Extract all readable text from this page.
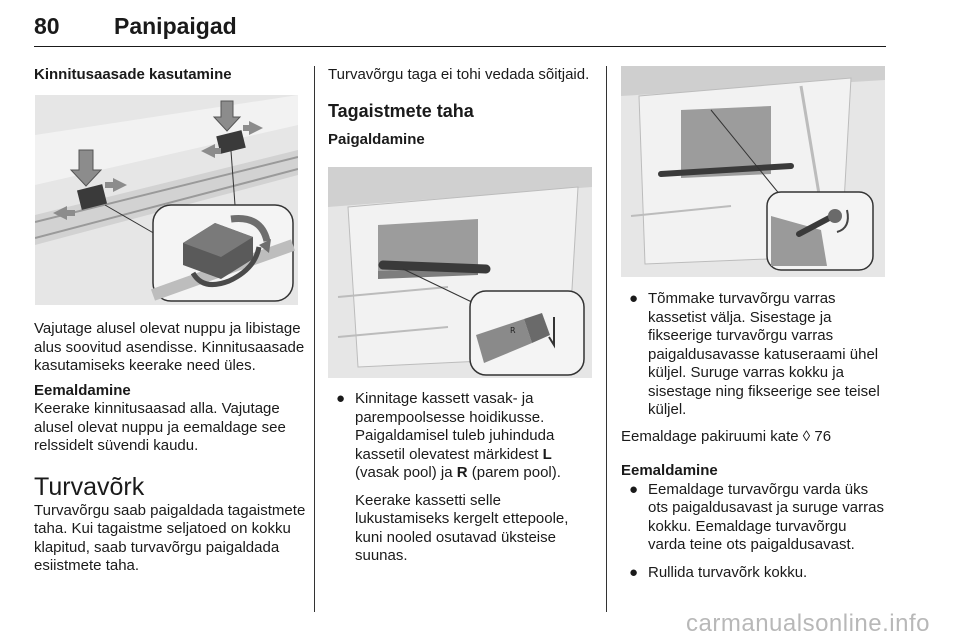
80 Panipaigad
Kinnitusaasade kasutamine

Vajutage alusel olevat nuppu ja libistage alus soovitud asendisse. Kinnitusaasade kasutamiseks keerake need üles.

Eemaldamine

Keerake kinnitusaasad alla. Vajutage alusel olevat nuppu ja eemaldage see relssidelt süvendi kaudu.

Turvavõrk

Turvavõrgu saab paigaldada tagaistmete taha. Kui tagaistme seljatoed on kokku klapitud, saab turvavõrgu paigaldada esiistmete taha.

Turvavõrgu taga ei tohi vedada sõitjaid.

Tagaistmete taha
Paigaldamine
R
● Kinnitage kassett vasak- ja parempoolsesse hoidikusse. Paigaldamisel tuleb juhinduda kassetil olevatest märkidest L (vasak pool) ja R (parem pool).

Keerake kassetti selle lukustamiseks kergelt ettepoole, kuni nooled osutavad üksteise suunas.

● Tõmmake turvavõrgu varras kassetist välja. Sisestage ja fikseerige turvavõrgu varras paigaldusavasse katuseraami ühel küljel. Suruge varras kokku ja sisestage ning fikseerige see teisel küljel.

Eemaldage pakiruumi kate ◊ 76

Eemaldamine
● Eemaldage turvavõrgu varda üks ots paigaldusavast ja suruge varras kokku. Eemaldage turvavõrgu varda teine ots paigaldusavast.

● Rullida turvavõrk kokku.

carmanualsonline.info
